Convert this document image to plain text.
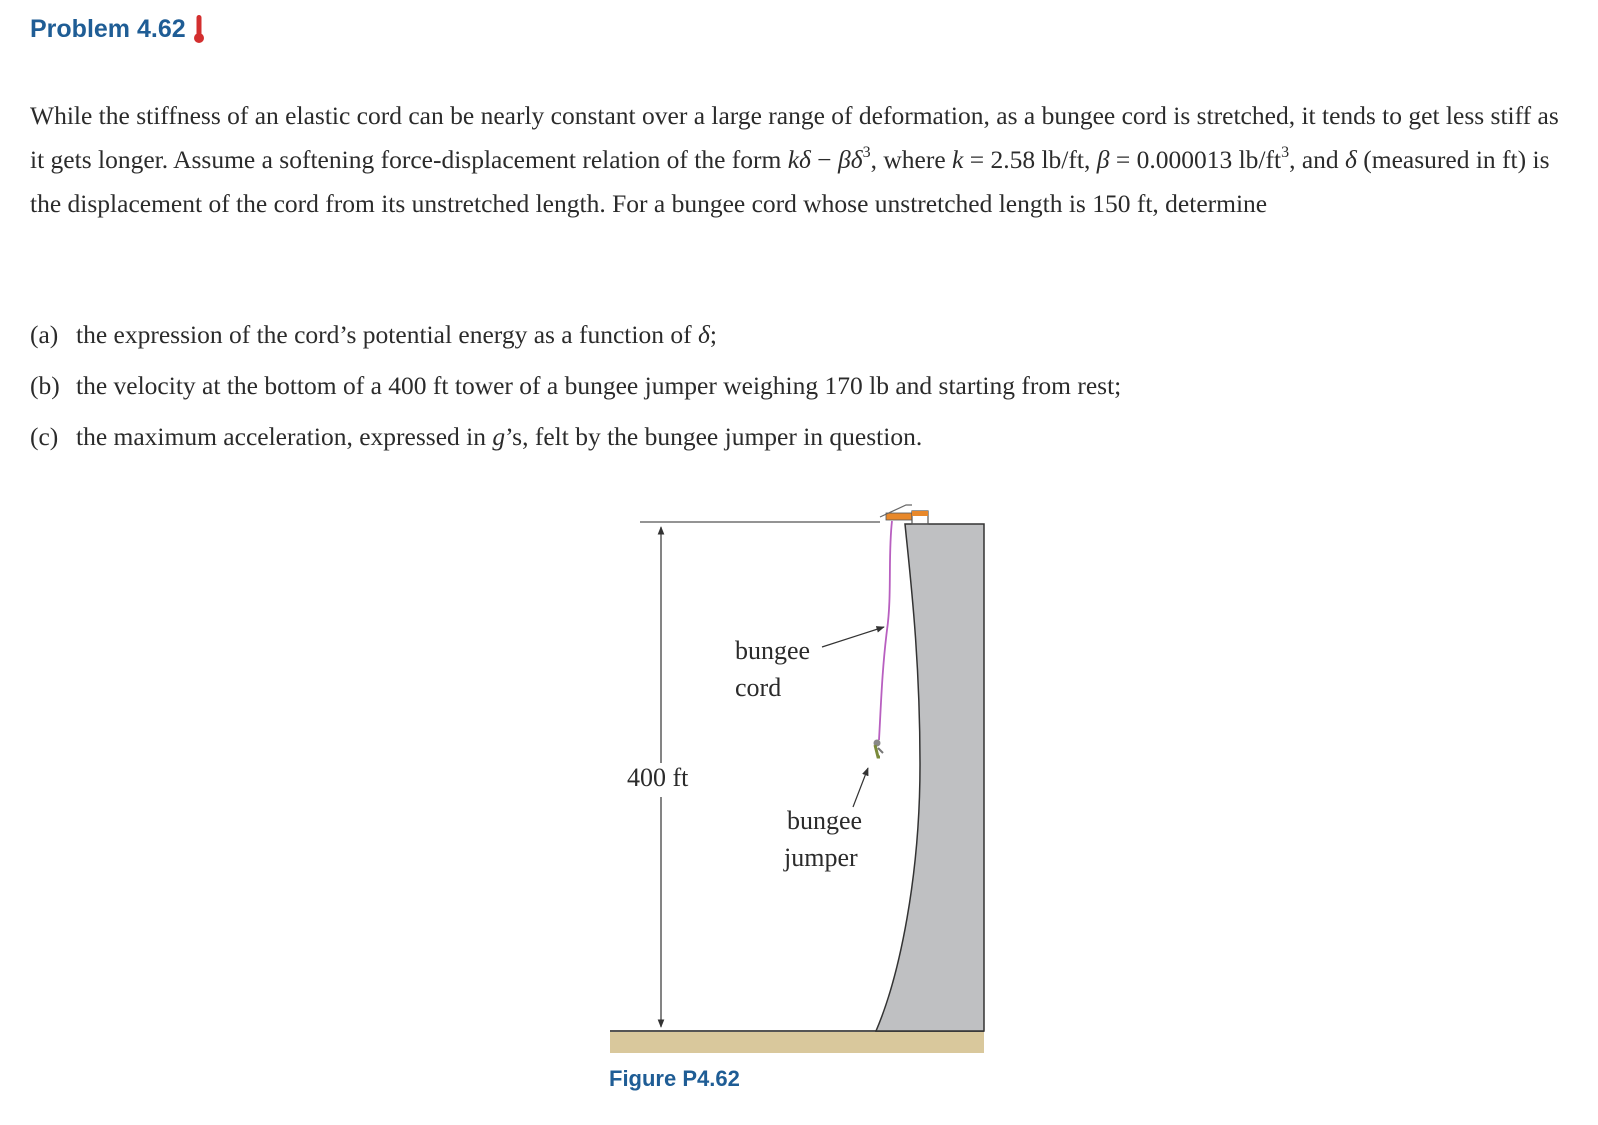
Problem 4.62

While the stiffness of an elastic cord can be nearly constant over a large range of deformation, as a bungee cord is stretched, it tends to get less stiff as it gets longer. Assume a softening force-displacement relation of the form $k\delta - \beta\delta^3$, where k = 2.58 lb/ft, β = 0.000013 $lb/ft^3$, and δ (measured in ft) is the displacement of the cord from its unstretched length. For a bungee cord whose unstretched length is 150 ft, determine

(a) the expression of the cord’s potential energy as a function of δ;
(b) the velocity at the bottom of a 400 ft tower of a bungee jumper weighing 170 lb and starting from rest;
(c) the maximum acceleration, expressed in g’s, felt by the bungee jumper in question.
400 ft
bungee
cord
bungee
jumper
Figure P4.62
